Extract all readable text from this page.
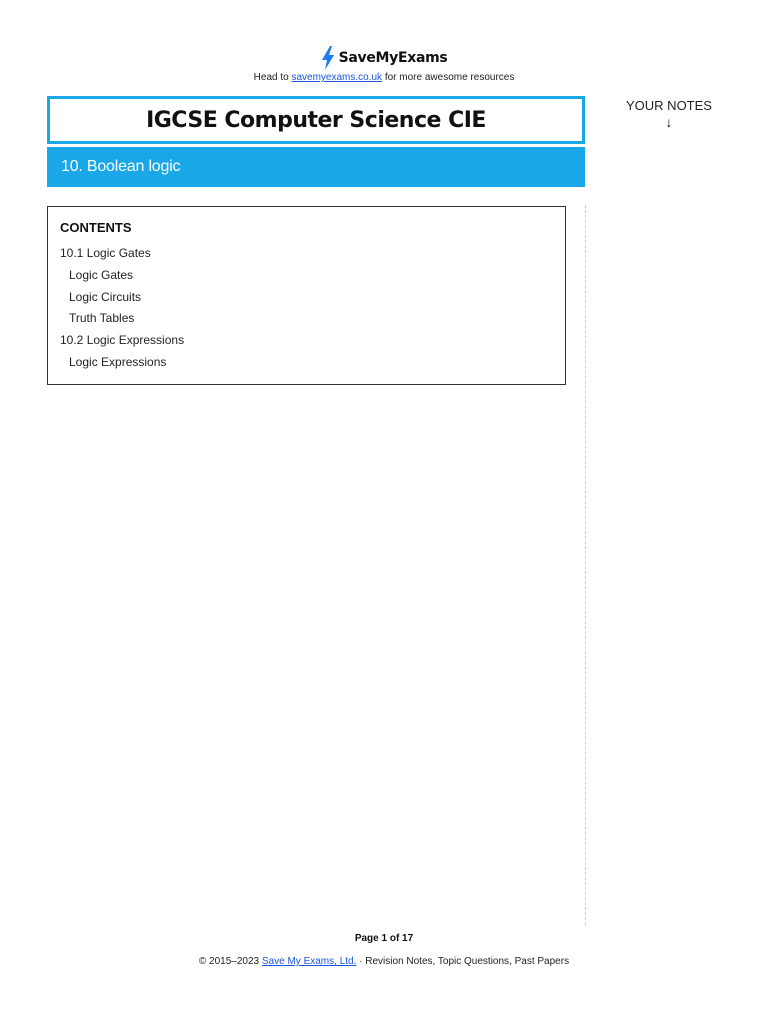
SaveMyExams
Head to savemyexams.co.uk for more awesome resources
IGCSE Computer Science CIE
YOUR NOTES
↓
10. Boolean logic
CONTENTS
10.1 Logic Gates
Logic Gates
Logic Circuits
Truth Tables
10.2 Logic Expressions
Logic Expressions
Page 1 of 17
© 2015–2023 Save My Exams, Ltd. · Revision Notes, Topic Questions, Past Papers
